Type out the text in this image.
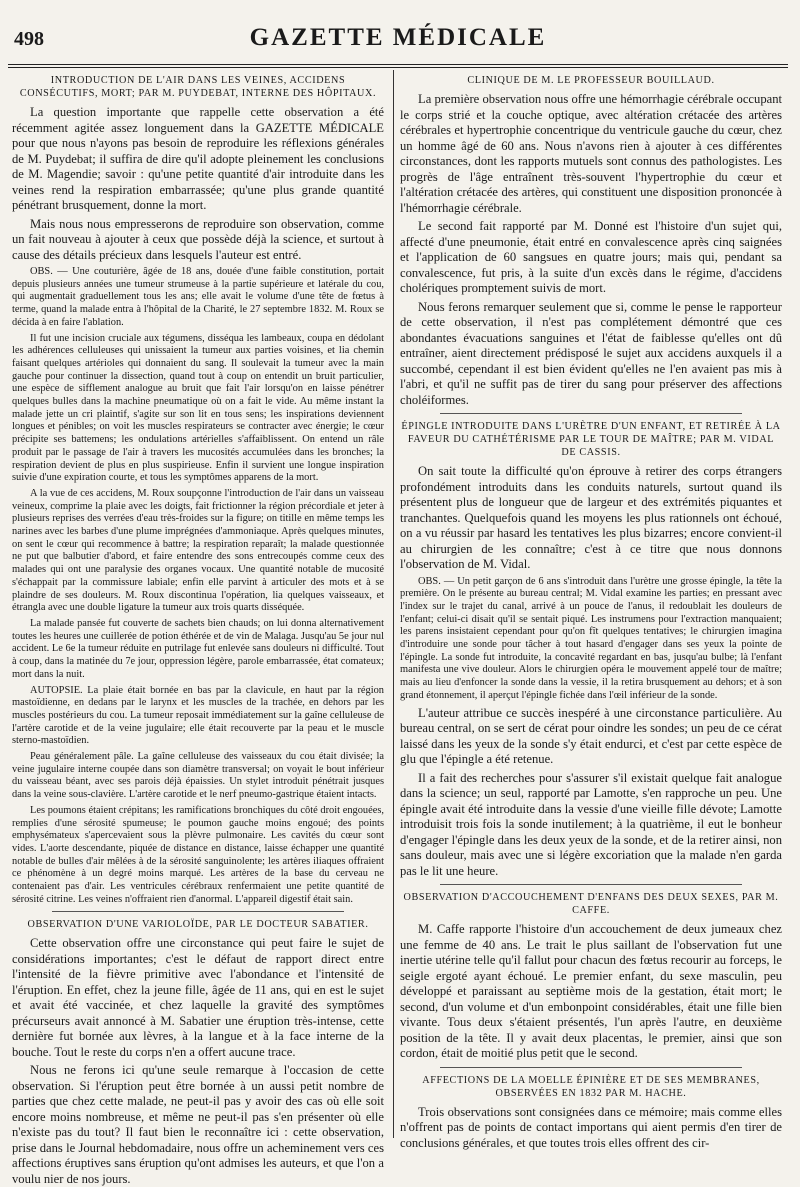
498	GAZETTE MÉDICALE
INTRODUCTION DE L'AIR DANS LES VEINES, ACCIDENS CONSÉCUTIFS, MORT; PAR M. PUYDEBAT, INTERNE DES HÔPITAUX.

La question importante que rappelle cette observation a été récemment agitée assez longuement dans la GAZETTE MÉDICALE pour que nous n'ayons pas besoin de reproduire les réflexions générales de M. Puydebat; il suffira de dire qu'il adopte pleinement les conclusions de M. Magendie; savoir : qu'une petite quantité d'air introduite dans les veines rend la respiration embarrassée; qu'une plus grande quantité pénétrant brusquement, donne la mort.

Mais nous nous empresserons de reproduire son observation, comme un fait nouveau à ajouter à ceux que possède déjà la science, et surtout à cause des détails précieux dans lesquels l'auteur est entré.

OBS. — Une couturière, âgée de 18 ans, douée d'une faible constitution, portait depuis plusieurs années une tumeur strumeuse à la partie supérieure et latérale du cou, qui augmentait graduellement tous les ans; elle avait le volume d'une tête de fœtus à terme, quand la malade entra à l'hôpital de la Charité, le 27 septembre 1832. M. Roux se décida à en faire l'ablation.

Il fut une incision cruciale aux tégumens, disséqua les lambeaux, coupa en dédolant les adhérences celluleuses qui unissaient la tumeur aux parties voisines, et lia chemin faisant quelques artérioles qui donnaient du sang. Il soulevait la tumeur avec la main gauche pour continuer la dissection, quand tout à coup on entendit un bruit particulier, une espèce de sifflement analogue au bruit que fait l'air lorsqu'on en laisse pénétrer quelques bulles dans la machine pneumatique où on a fait le vide. Au même instant la malade jette un cri plaintif, s'agite sur son lit en tous sens; les inspirations deviennent longues et pénibles; on voit les muscles respirateurs se contracter avec énergie; le cœur précipite ses battemens; les ondulations artérielles s'affaiblissent. On entend un râle produit par le passage de l'air à travers les mucosités accumulées dans les bronches; la respiration devient de plus en plus suspirieuse. Enfin il survient une longue inspiration suivie d'une expiration courte, et tous les symptômes apparens de la mort.

A la vue de ces accidens, M. Roux soupçonne l'introduction de l'air dans un vaisseau veineux, comprime la plaie avec les doigts, fait frictionner la région précordiale et jeter à plusieurs reprises des verrées d'eau très-froides sur la figure; on titille en même temps les narines avec les barbes d'une plume imprégnées d'ammoniaque. Après quelques minutes, on sent le cœur qui recommence à battre; la respiration reparaît; la malade questionnée ne put que balbutier d'abord, et faire entendre des sons entrecoupés comme ceux des malades qui ont une paralysie des organes vocaux. Une quantité notable de mucosité s'échappait par la commissure labiale; enfin elle parvint à articuler des mots et à se plaindre de ses douleurs. M. Roux discontinua l'opération, lia quelques vaisseaux, et étrangla avec une double ligature la tumeur aux trois quarts disséquée.

La malade pansée fut couverte de sachets bien chauds; on lui donna alternativement toutes les heures une cuillerée de potion éthérée et de vin de Malaga. Jusqu'au 5e jour nul accident. Le 6e la tumeur réduite en putrilage fut enlevée sans douleurs ni difficulté. Tout à coup, dans la matinée du 7e jour, oppression légère, parole embarrassée, état comateux; mort dans la nuit.

AUTOPSIE. La plaie était bornée en bas par la clavicule, en haut par la région mastoïdienne, en dedans par le larynx et les muscles de la trachée, en dehors par les muscles postérieurs du cou. La tumeur reposait immédiatement sur la gaîne celluleuse de l'artère carotide et de la veine jugulaire; elle était recouverte par la peau et le muscle sterno-mastoïdien.

Peau généralement pâle. La gaîne celluleuse des vaisseaux du cou était divisée; la veine jugulaire interne coupée dans son diamètre transversal; on voyait le bout inférieur du vaisseau béant, avec ses parois déjà épaissies. Un stylet introduit pénétrait jusques dans la veine sous-clavière. L'artère carotide et le nerf pneumo-gastrique étaient intacts.

Les poumons étaient crépitans; les ramifications bronchiques du côté droit engouées, remplies d'une sérosité spumeuse; le poumon gauche moins engoué; des points emphysémateux s'apercevaient sous la plèvre pulmonaire. Les cavités du cœur sont vides. L'aorte descendante, piquée de distance en distance, laisse échapper une quantité notable de bulles d'air mêlées à de la sérosité sanguinolente; les artères iliaques offraient ce phénomène à un degré moins marqué. Les artères de la base du cerveau ne contenaient pas d'air. Les ventricules cérébraux renfermaient une petite quantité de sérosité citrine. Les veines n'offraient rien d'anormal. L'appareil digestif était sain.

OBSERVATION D'UNE VARIOLOÏDE, PAR LE DOCTEUR SABATIER.

Cette observation offre une circonstance qui peut faire le sujet de considérations importantes; c'est le défaut de rapport direct entre l'intensité de la fièvre primitive avec l'abondance et l'intensité de l'éruption. En effet, chez la jeune fille, âgée de 11 ans, qui en est le sujet et avait été vaccinée, et chez laquelle la gravité des symptômes précurseurs avait annoncé à M. Sabatier une éruption très-intense, cette dernière fut bornée aux lèvres, à la langue et à la face interne de la bouche. Tout le reste du corps n'en a offert aucune trace.

Nous ne ferons ici qu'une seule remarque à l'occasion de cette observation. Si l'éruption peut être bornée à un aussi petit nombre de parties que chez cette malade, ne peut-il pas y avoir des cas où elle soit encore moins nombreuse, et même ne peut-il pas s'en présenter où elle n'existe pas du tout? Il faut bien le reconnaître ici : cette observation, prise dans le Journal hebdomadaire, nous offre un acheminement vers ces affections éruptives sans éruption qu'ont admises les auteurs, et que l'on a voulu nier de nos jours.

CLINIQUE DE M. LE PROFESSEUR BOUILLAUD.

La première observation nous offre une hémorrhagie cérébrale occupant le corps strié et la couche optique, avec altération crétacée des artères cérébrales et hypertrophie concentrique du ventricule gauche du cœur, chez un homme âgé de 60 ans. Nous n'avons rien à ajouter à ces différentes circonstances, dont les rapports mutuels sont connus des pathologistes. Les progrès de l'âge entraînent très-souvent l'hypertrophie du cœur et l'altération crétacée des artères, qui constituent une disposition prononcée à l'hémorrhagie cérébrale.

Le second fait rapporté par M. Donné est l'histoire d'un sujet qui, affecté d'une pneumonie, était entré en convalescence après cinq saignées et l'application de 60 sangsues en quatre jours; mais qui, pendant sa convalescence, fut pris, à la suite d'un excès dans le régime, d'accidens cholériques promptement suivis de mort.

Nous ferons remarquer seulement que si, comme le pense le rapporteur de cette observation, il n'est pas complétement démontré que ces abondantes évacuations sanguines et l'état de faiblesse qu'elles ont dû entraîner, aient directement prédisposé le sujet aux accidens auxquels il a succombé, cependant il est bien évident qu'elles ne l'en avaient pas mis à l'abri, et qu'il ne suffit pas de tirer du sang pour préserver des affections choléiformes.

ÉPINGLE INTRODUITE DANS L'URÈTRE D'UN ENFANT, ET RETIRÉE À LA FAVEUR DU CATHÉTÉRISME PAR LE TOUR DE MAÎTRE; PAR M. VIDAL DE CASSIS.

On sait toute la difficulté qu'on éprouve à retirer des corps étrangers profondément introduits dans les conduits naturels, surtout quand ils présentent plus de longueur que de largeur et des extrémités piquantes et tranchantes. Quelquefois quand les moyens les plus rationnels ont échoué, on a vu réussir par hasard les tentatives les plus bizarres; encore convient-il au chirurgien de les connaître; c'est à ce titre que nous donnons l'observation de M. Vidal.

OBS. — Un petit garçon de 6 ans s'introduit dans l'urètre une grosse épingle, la tête la première. On le présente au bureau central; M. Vidal examine les parties; en pressant avec l'index sur le trajet du canal, arrivé à un pouce de l'anus, il redoublait les douleurs de l'enfant; celui-ci disait qu'il se sentait piqué. Les instrumens pour l'extraction manquaient; les parens insistaient cependant pour qu'on fît quelques tentatives; le chirurgien imagina d'introduire une sonde pour tâcher à tout hasard d'engager dans ses yeux la pointe de l'épingle. La sonde fut introduite, la concavité regardant en bas, jusqu'au bulbe; là l'enfant manifesta une vive douleur. Alors le chirurgien opéra le mouvement appelé tour de maître; mais au lieu d'enfoncer la sonde dans la vessie, il la retira brusquement au dehors; et à son grand étonnement, il aperçut l'épingle fichée dans l'œil inférieur de la sonde.

L'auteur attribue ce succès inespéré à une circonstance particulière. Au bureau central, on se sert de cérat pour oindre les sondes; un peu de ce cérat laissé dans les yeux de la sonde s'y était endurci, et c'est par cette espèce de glu que l'épingle a été retenue.

Il a fait des recherches pour s'assurer s'il existait quelque fait analogue dans la science; un seul, rapporté par Lamotte, s'en rapproche un peu. Une épingle avait été introduite dans la vessie d'une vieille fille dévote; Lamotte introduisit trois fois la sonde inutilement; à la quatrième, il eut le bonheur d'engager l'épingle dans les deux yeux de la sonde, et de la retirer ainsi, non sans douleur, mais avec une si légère excoriation que la malade n'en garda pas le lit une heure.

OBSERVATION D'ACCOUCHEMENT D'ENFANS DES DEUX SEXES, PAR M. CAFFE.

M. Caffe rapporte l'histoire d'un accouchement de deux jumeaux chez une femme de 40 ans. Le trait le plus saillant de l'observation fut une inertie utérine telle qu'il fallut pour chacun des fœtus recourir au forceps, le seigle ergoté ayant échoué. Le premier enfant, du sexe masculin, peu développé et paraissant au septième mois de la gestation, était mort; le second, d'un volume et d'un embonpoint considérables, était une fille bien vivante. Tous deux s'étaient présentés, l'un après l'autre, en deuxième position de la tête. Il y avait deux placentas, le premier, ainsi que son cordon, était de moitié plus petit que le second.

AFFECTIONS DE LA MOELLE ÉPINIÈRE ET DE SES MEMBRANES, OBSERVÉES EN 1832 PAR M. HACHE.

Trois observations sont consignées dans ce mémoire; mais comme elles n'offrent pas de points de contact importans qui aient permis d'en tirer de conclusions générales, et que toutes trois elles offrent des cir-
